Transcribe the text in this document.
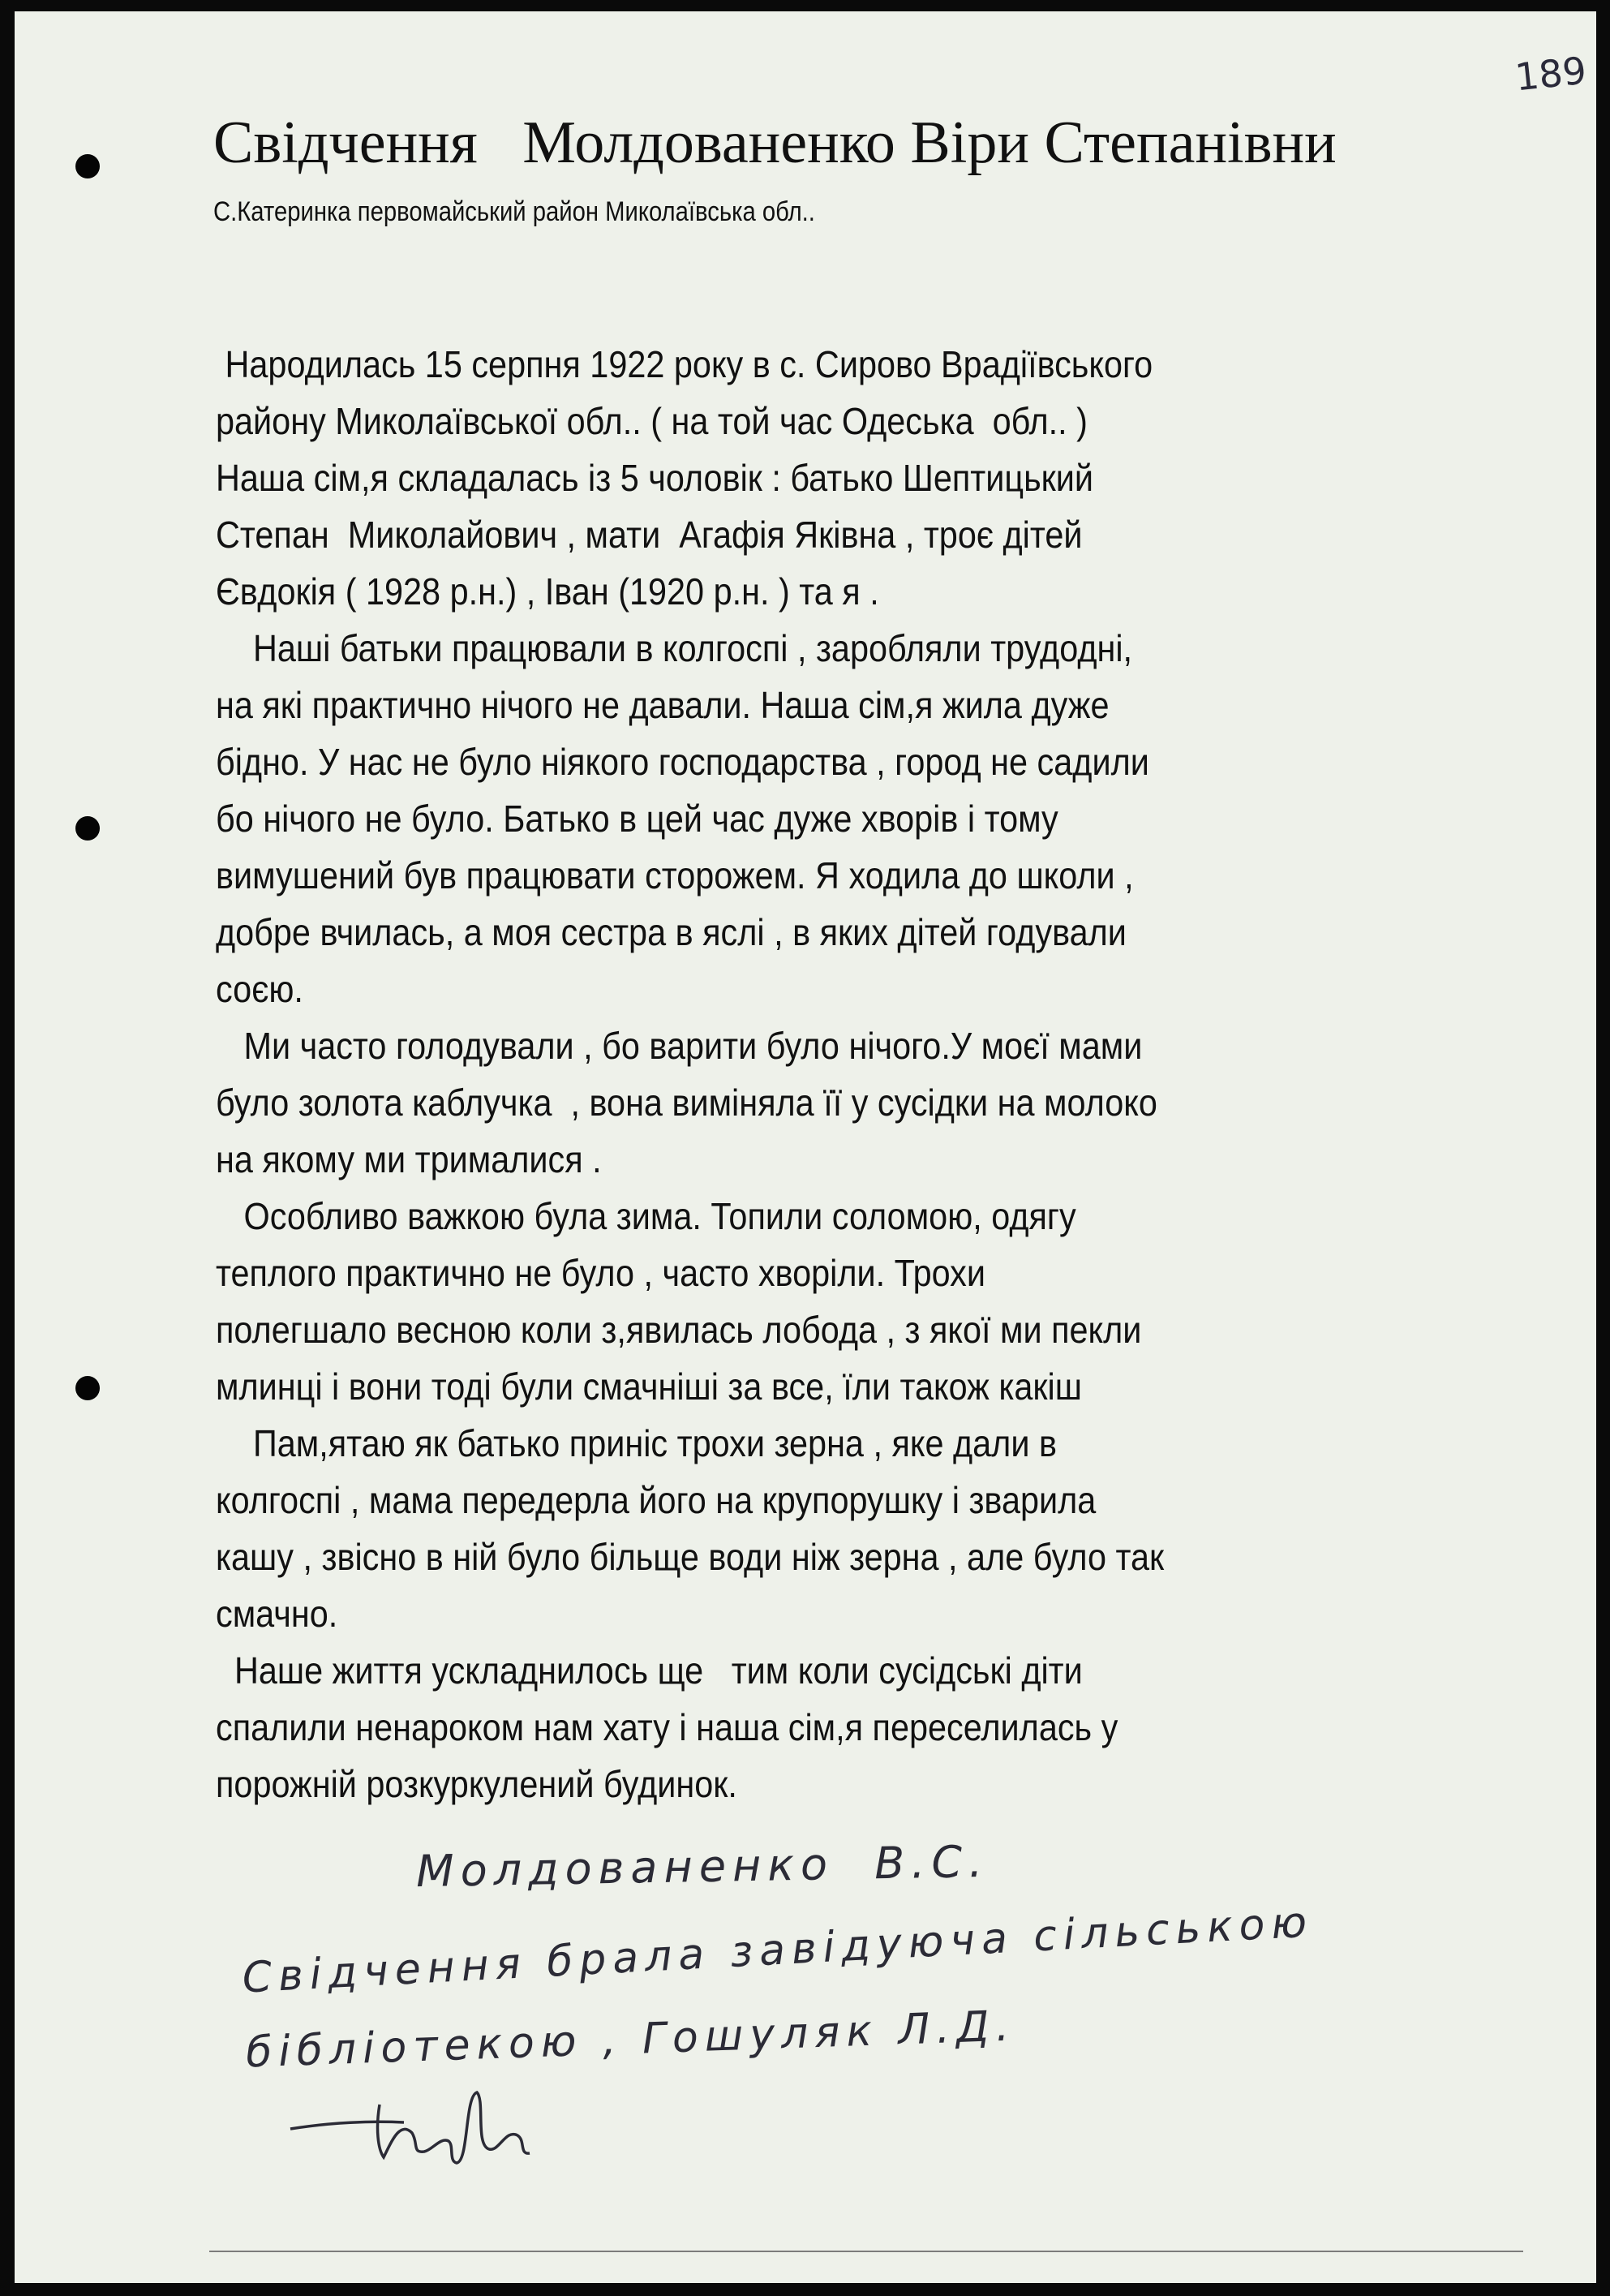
189
Свідчення   Молдованенко Віри Степанівни
С.Катеринка первомайський район Миколаївська обл..
Народилась 15 серпня 1922 року в с. Сирово Врадіївського
району Миколаївської обл.. ( на той час Одеська  обл.. )
Наша сім,я складалась із 5 чоловік : батько Шептицький
Степан  Миколайович , мати  Агафія Яківна , троє дітей
Євдокія ( 1928 р.н.) , Іван (1920 р.н. ) та я .
Наші батьки працювали в колгоспі , заробляли трудодні,
на які практично нічого не давали. Наша сім,я жила дуже
бідно. У нас не було ніякого господарства , город не садили
бо нічого не було. Батько в цей час дуже хворів і тому
вимушений був працювати сторожем. Я ходила до школи ,
добре вчилась, а моя сестра в яслі , в яких дітей годували
соєю.
Ми часто голодували , бо варити було нічого.У моєї мами
було золота каблучка  , вона виміняла її у сусідки на молоко
на якому ми трималися .
Особливо важкою була зима. Топили соломою, одягу
теплого практично не було , часто хворіли. Трохи
полегшало весною коли з,явилась лобода , з якої ми пекли
млинці і вони тоді були смачніші за все, їли також какіш
Пам,ятаю як батько приніс трохи зерна , яке дали в
колгоспі , мама передерла його на крупорушку і зварила
кашу , звісно в ній було більще води ніж зерна , але було так
смачно.
Наше життя ускладнилось ще   тим коли сусідські діти
спалили ненароком нам хату і наша сім,я переселилась у
порожній розкуркулений будинок.
Молдованенко  В.С.
Свідчення брала завідуюча сільською
бібліотекою , Гошуляк Л.Д.
